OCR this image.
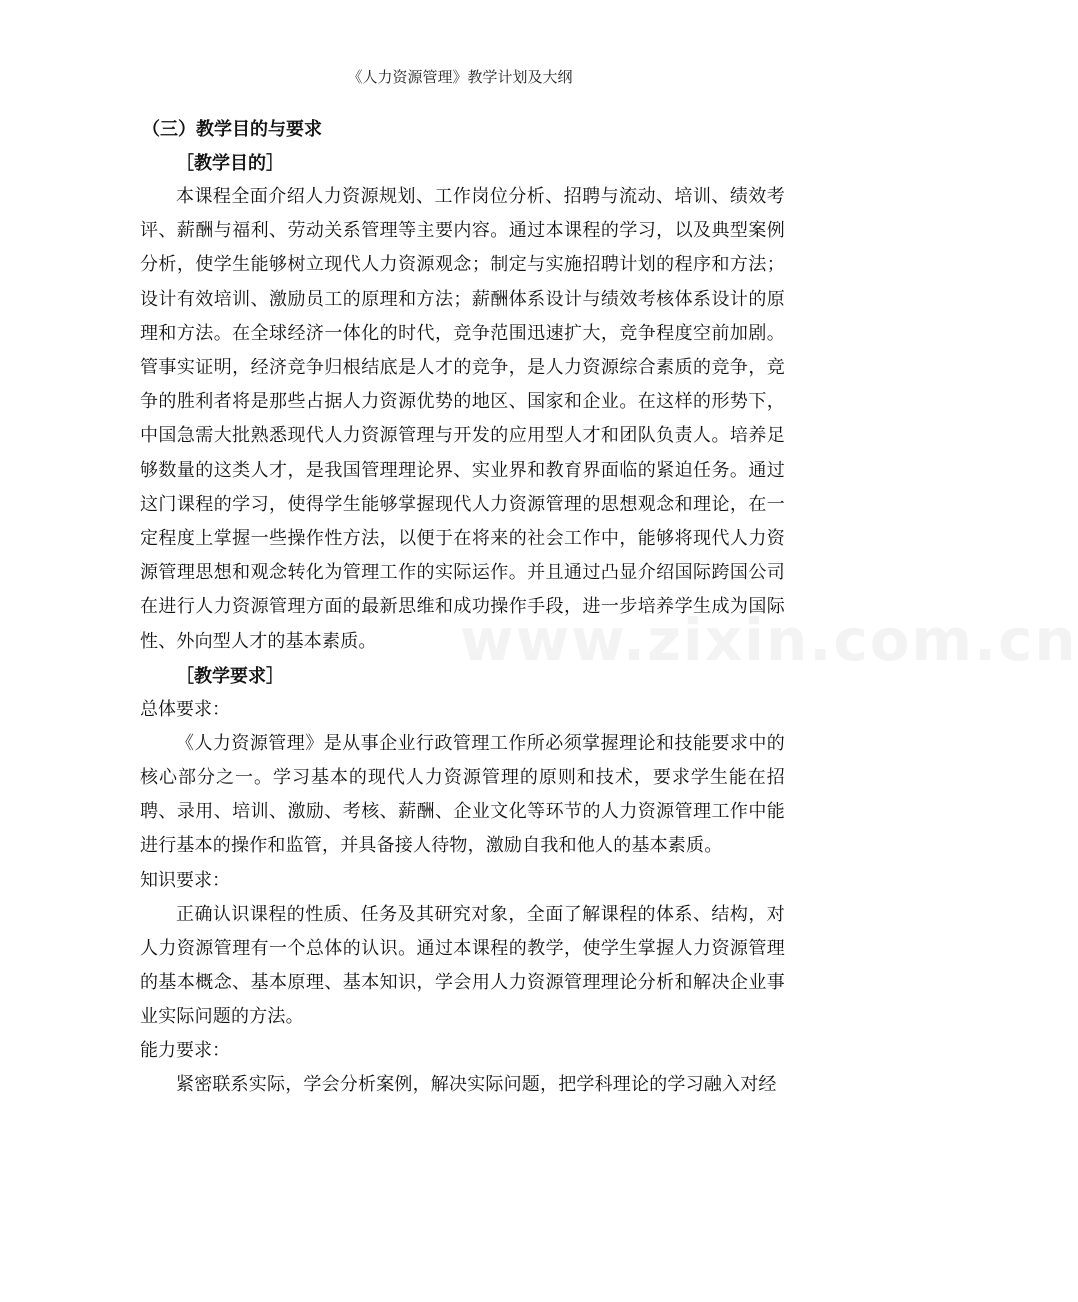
《人力资源管理》教学计划及大纲

（三）教学目的与要求

［教学目的］

本课程全面介绍人力资源规划、工作岗位分析、招聘与流动、培训、绩效考评、薪酬与福利、劳动关系管理等主要内容。通过本课程的学习，以及典型案例分析，使学生能够树立现代人力资源观念；制定与实施招聘计划的程序和方法；设计有效培训、激励员工的原理和方法；薪酬体系设计与绩效考核体系设计的原理和方法。在全球经济一体化的时代，竞争范围迅速扩大，竞争程度空前加剧。管事实证明，经济竞争归根结底是人才的竞争，是人力资源综合素质的竞争，竞争的胜利者将是那些占据人力资源优势的地区、国家和企业。在这样的形势下，中国急需大批熟悉现代人力资源管理与开发的应用型人才和团队负责人。培养足够数量的这类人才，是我国管理理论界、实业界和教育界面临的紧迫任务。通过这门课程的学习，使得学生能够掌握现代人力资源管理的思想观念和理论，在一定程度上掌握一些操作性方法，以便于在将来的社会工作中，能够将现代人力资源管理思想和观念转化为管理工作的实际运作。并且通过凸显介绍国际跨国公司在进行人力资源管理方面的最新思维和成功操作手段，进一步培养学生成为国际性、外向型人才的基本素质。

［教学要求］

总体要求：

《人力资源管理》是从事企业行政管理工作所必须掌握理论和技能要求中的核心部分之一。学习基本的现代人力资源管理的原则和技术，要求学生能在招聘、录用、培训、激励、考核、薪酬、企业文化等环节的人力资源管理工作中能进行基本的操作和监管，并具备接人待物，激励自我和他人的基本素质。

知识要求：

正确认识课程的性质、任务及其研究对象，全面了解课程的体系、结构，对人力资源管理有一个总体的认识。通过本课程的教学，使学生掌握人力资源管理的基本概念、基本原理、基本知识，学会用人力资源管理理论分析和解决企业事业实际问题的方法。

能力要求：

紧密联系实际，学会分析案例，解决实际问题，把学科理论的学习融入对经

www.zixin.com.cn
